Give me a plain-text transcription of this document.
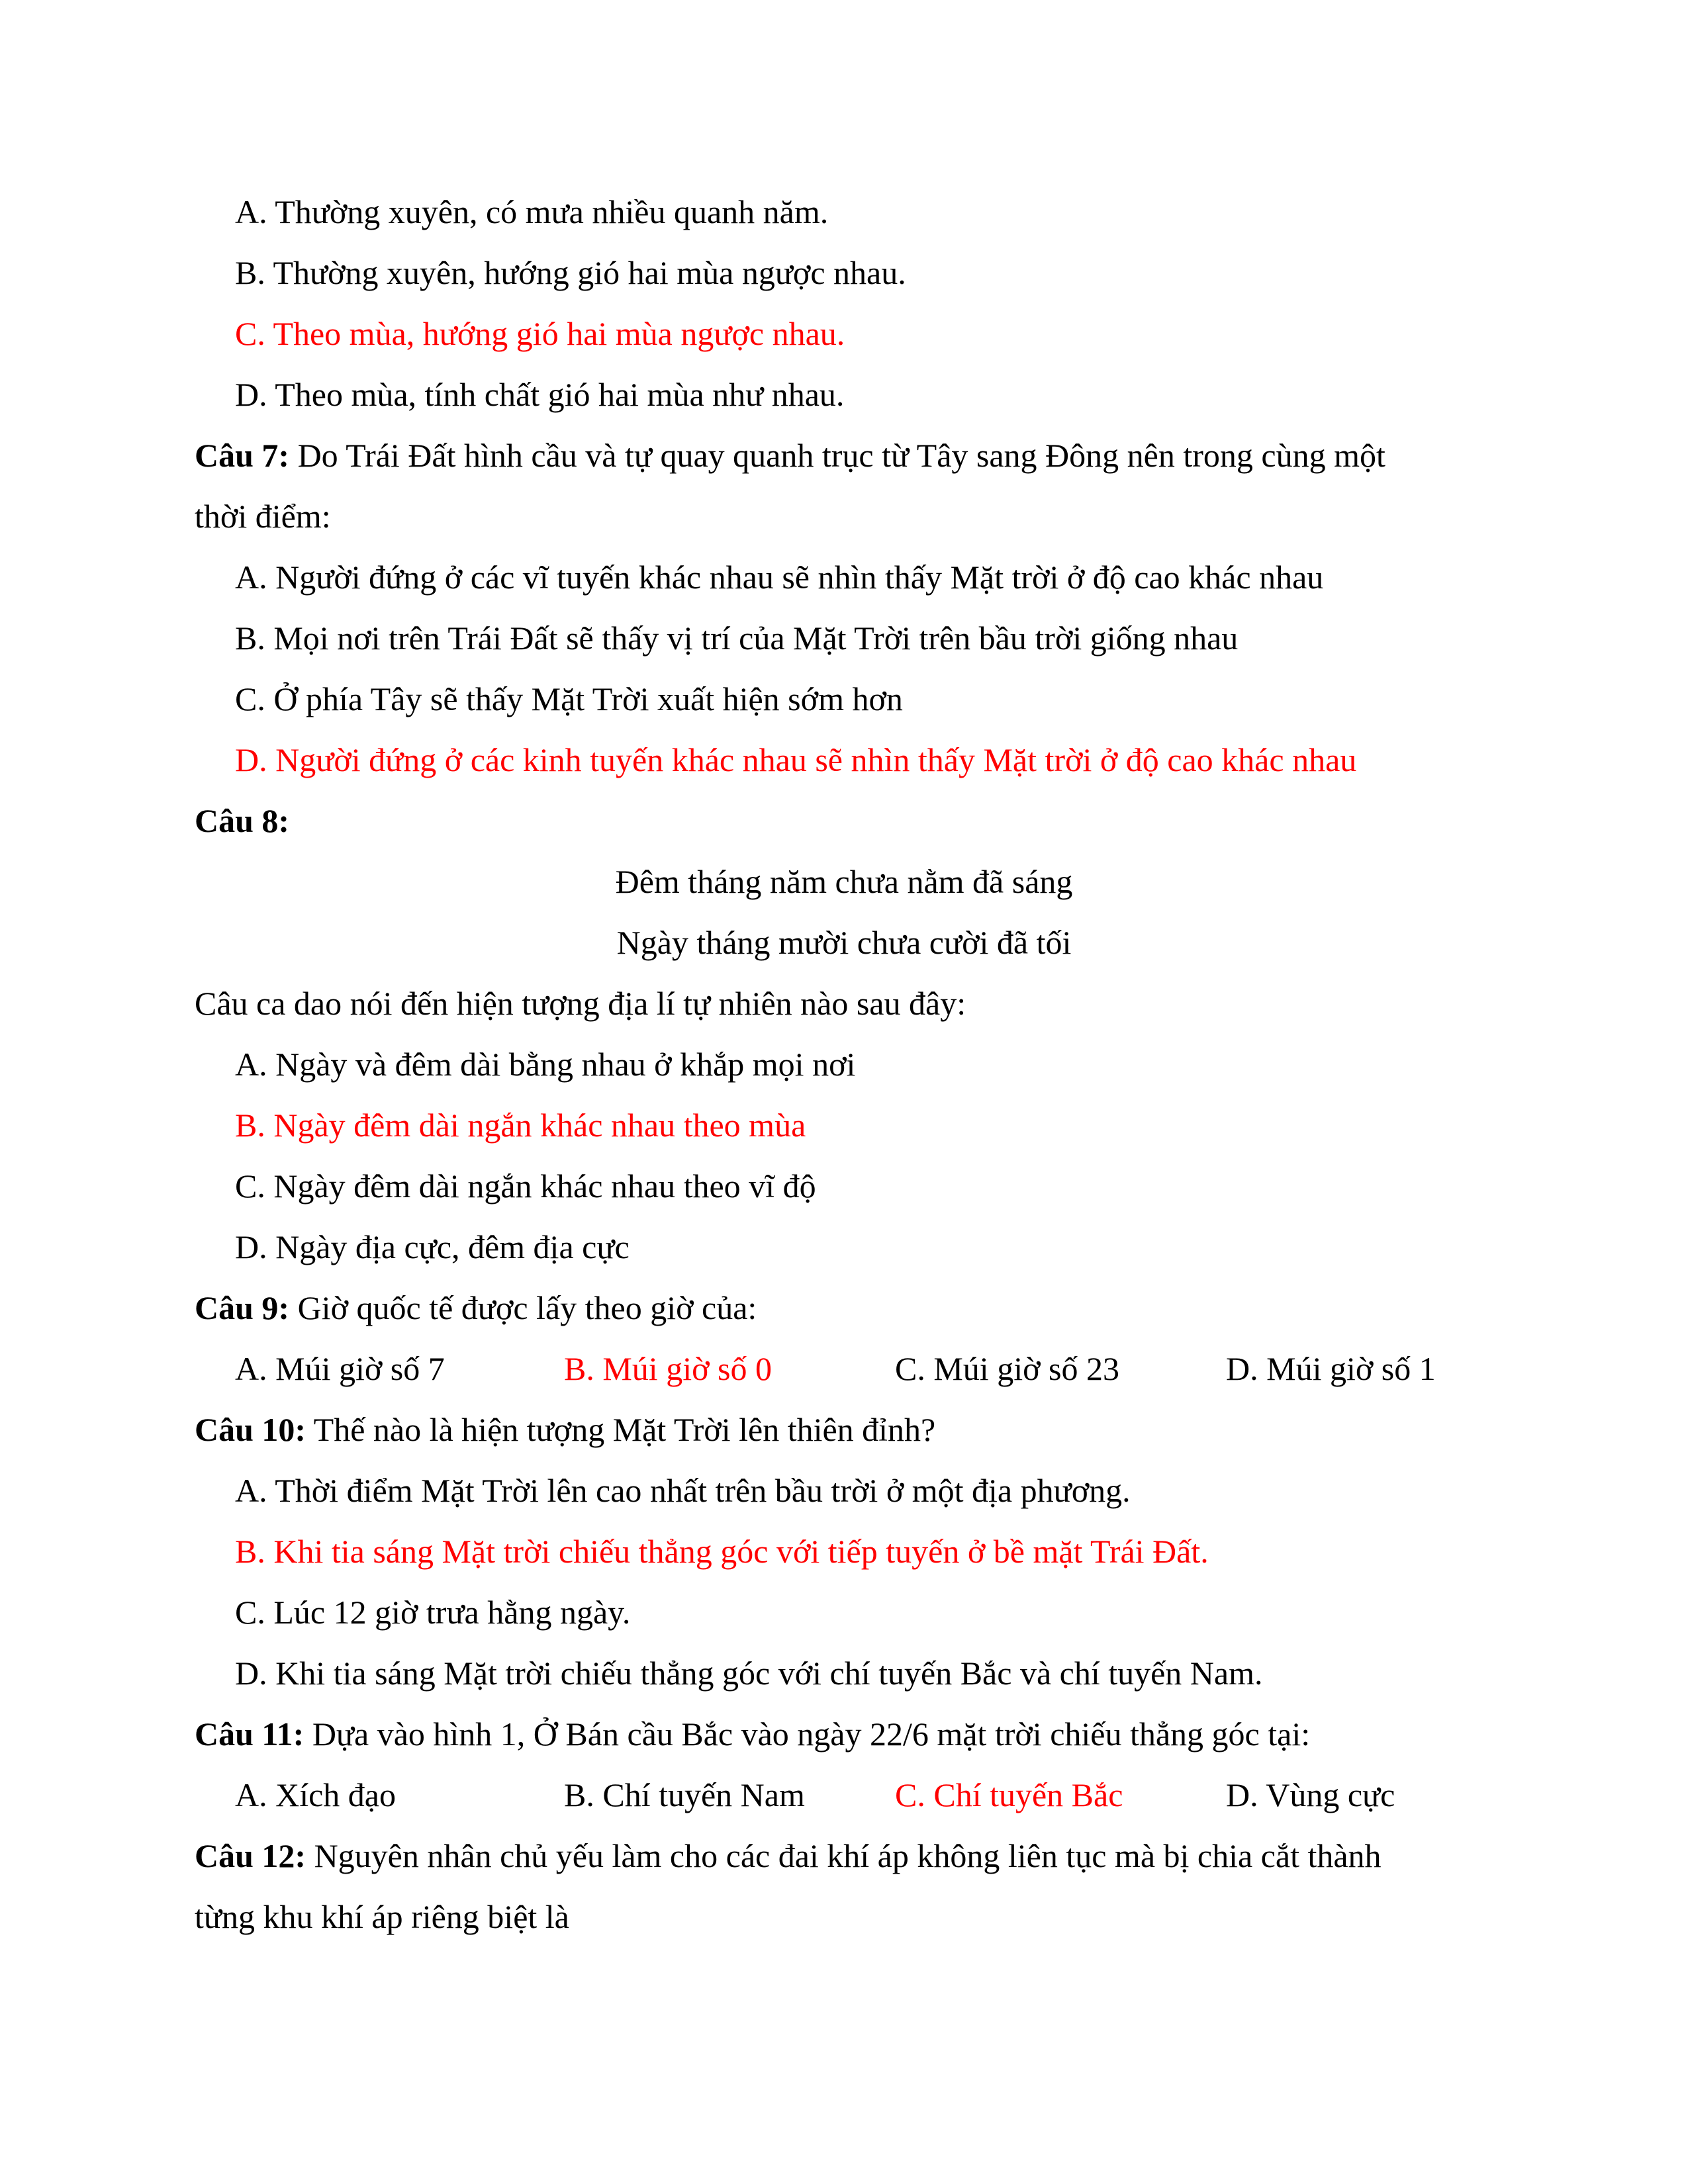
A. Thường xuyên, có mưa nhiều quanh năm.
B. Thường xuyên, hướng gió hai mùa ngược nhau.
C. Theo mùa, hướng gió hai mùa ngược nhau.
D. Theo mùa, tính chất gió hai mùa như nhau.
Câu 7: Do Trái Đất hình cầu và tự quay quanh trục từ Tây sang Đông nên trong cùng một
thời điểm:
A. Người đứng ở các vĩ tuyến khác nhau sẽ nhìn thấy Mặt trời ở độ cao khác nhau
B. Mọi nơi trên Trái Đất sẽ thấy vị trí của Mặt Trời trên bầu trời giống nhau
C. Ở phía Tây sẽ thấy Mặt Trời xuất hiện sớm hơn
D. Người đứng ở các kinh tuyến khác nhau sẽ nhìn thấy Mặt trời ở độ cao khác nhau
Câu 8:
Đêm tháng năm chưa nằm đã sáng
Ngày tháng mười chưa cười đã tối
Câu ca dao nói đến hiện tượng địa lí tự nhiên nào sau đây:
A. Ngày và đêm dài bằng nhau ở khắp mọi nơi
B. Ngày đêm dài ngắn khác nhau theo mùa
C. Ngày đêm dài ngắn khác nhau theo vĩ độ
D. Ngày địa cực, đêm địa cực
Câu 9: Giờ quốc tế được lấy theo giờ của:
A. Múi giờ số 7	B. Múi giờ số 0	C. Múi giờ số 23	D. Múi giờ số 1
Câu 10: Thế nào là hiện tượng Mặt Trời lên thiên đỉnh?
A. Thời điểm Mặt Trời lên cao nhất trên bầu trời ở một địa phương.
B. Khi tia sáng Mặt trời chiếu thẳng góc với tiếp tuyến ở bề mặt Trái Đất.
C. Lúc 12 giờ trưa hằng ngày.
D. Khi tia sáng Mặt trời chiếu thẳng góc với chí tuyến Bắc và chí tuyến Nam.
Câu 11: Dựa vào hình 1, Ở Bán cầu Bắc vào ngày 22/6 mặt trời chiếu thẳng góc tại:
A. Xích đạo	B. Chí tuyến Nam	C. Chí tuyến Bắc	D. Vùng cực
Câu 12: Nguyên nhân chủ yếu làm cho các đai khí áp không liên tục mà bị chia cắt thành
từng khu khí áp riêng biệt là
